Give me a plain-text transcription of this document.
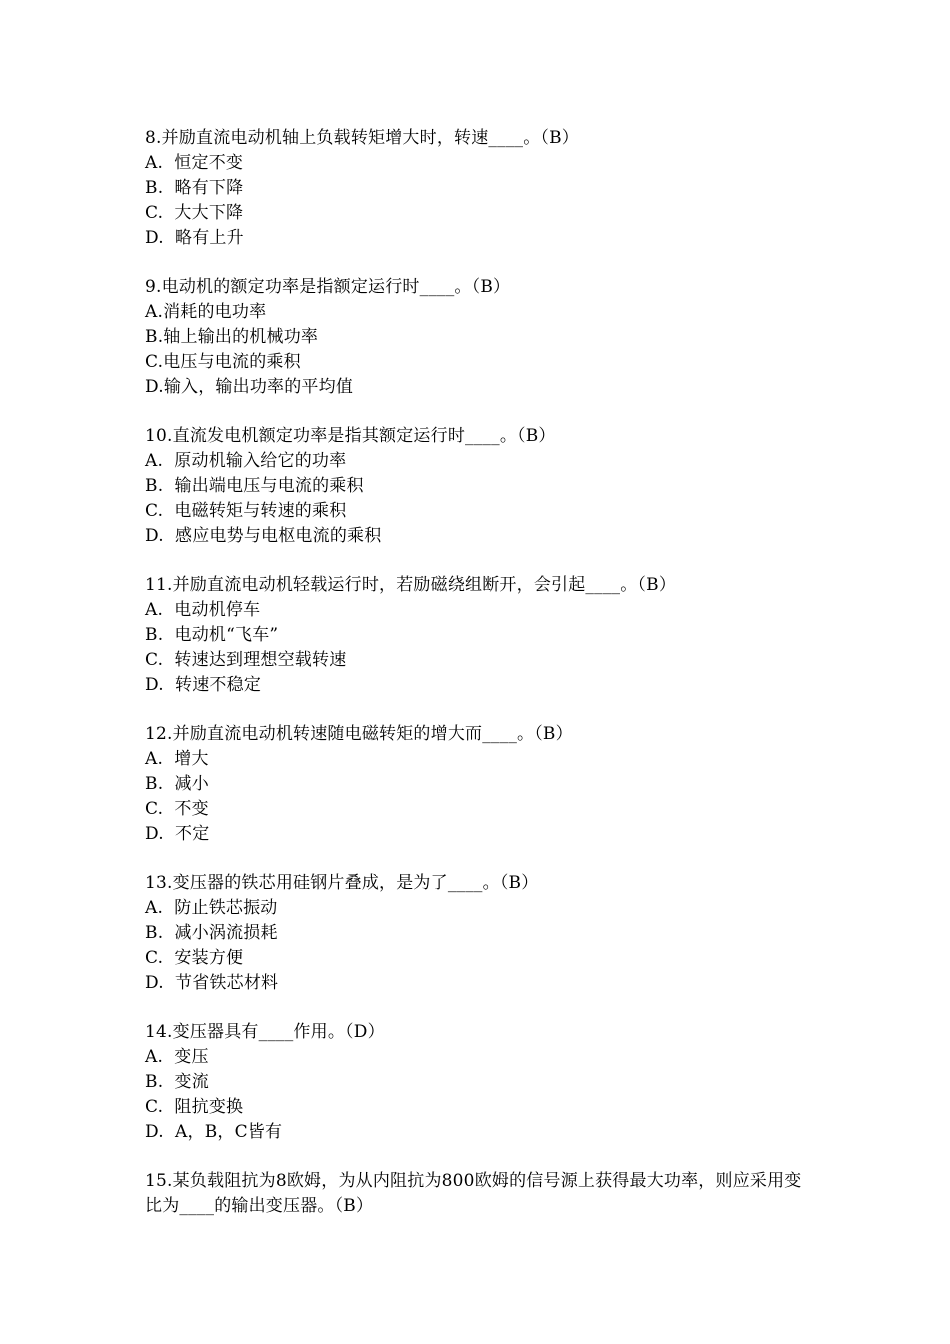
8.并励直流电动机轴上负载转矩增大时，转速____。（B）
A.  恒定不变
B.  略有下降
C.  大大下降
D.  略有上升
9.电动机的额定功率是指额定运行时____。（B）
A.消耗的电功率
B.轴上输出的机械功率
C.电压与电流的乘积
D.输入，输出功率的平均值
10.直流发电机额定功率是指其额定运行时____。（B）
A.  原动机输入给它的功率
B.  输出端电压与电流的乘积
C.  电磁转矩与转速的乘积
D.  感应电势与电枢电流的乘积
11.并励直流电动机轻载运行时，若励磁绕组断开，会引起____。（B）
A.  电动机停车
B.  电动机“飞车”
C.  转速达到理想空载转速
D.  转速不稳定
12.并励直流电动机转速随电磁转矩的增大而____。（B）
A.  增大
B.  减小
C.  不变
D.  不定
13.变压器的铁芯用硅钢片叠成，是为了____。（B）
A.  防止铁芯振动
B.  减小涡流损耗
C.  安装方便
D.  节省铁芯材料
14.变压器具有____作用。（D）
A.  变压
B.  变流
C.  阻抗变换
D.  A，B，C皆有
15.某负载阻抗为8欧姆，为从内阻抗为800欧姆的信号源上获得最大功率，则应采用变比为____的输出变压器。（B）
